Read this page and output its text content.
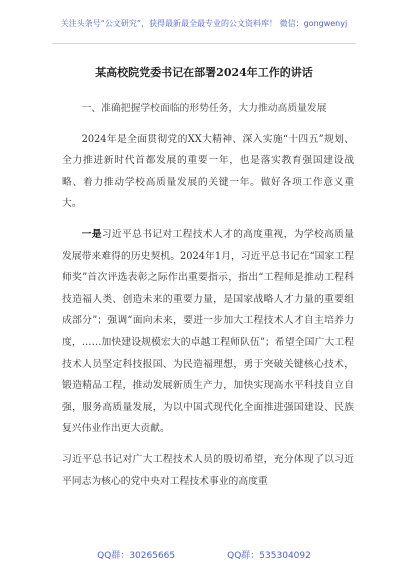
关注头条号“公文研究”，获得最新最全最专业的公文资料库！ 微信：gongwenyj
某高校院党委书记在部署2024年工作的讲话

一、准确把握学校面临的形势任务，大力推动高质量发展

2024年是全面贯彻党的XX大精神、深入实施“十四五”规划、全力推进新时代首都发展的重要一年，也是落实教育强国建设战略、着力推动学校高质量发展的关键一年。做好各项工作意义重大。

一是习近平总书记对工程技术人才的高度重视，为学校高质量发展带来难得的历史契机。2024年1月，习近平总书记在“国家工程师奖”首次评选表彰之际作出重要指示，指出“工程师是推动工程科技造福人类、创造未来的重要力量，是国家战略人才力量的重要组成部分”；强调“面向未来，要进一步加大工程技术人才自主培养力度，……加快建设规模宏大的卓越工程师队伍”；希望全国广大工程技术人员坚定科技报国、为民造福理想，勇于突破关键核心技术，锻造精品工程，推动发展新质生产力，加快实现高水平科技自立自强，服务高质量发展，为以中国式现代化全面推进强国建设、民族复兴伟业作出更大贡献。

习近平总书记对广大工程技术人员的殷切希望，充分体现了以习近平同志为核心的党中央对工程技术事业的高度重

QQ群：30265665	QQ群：535304092
